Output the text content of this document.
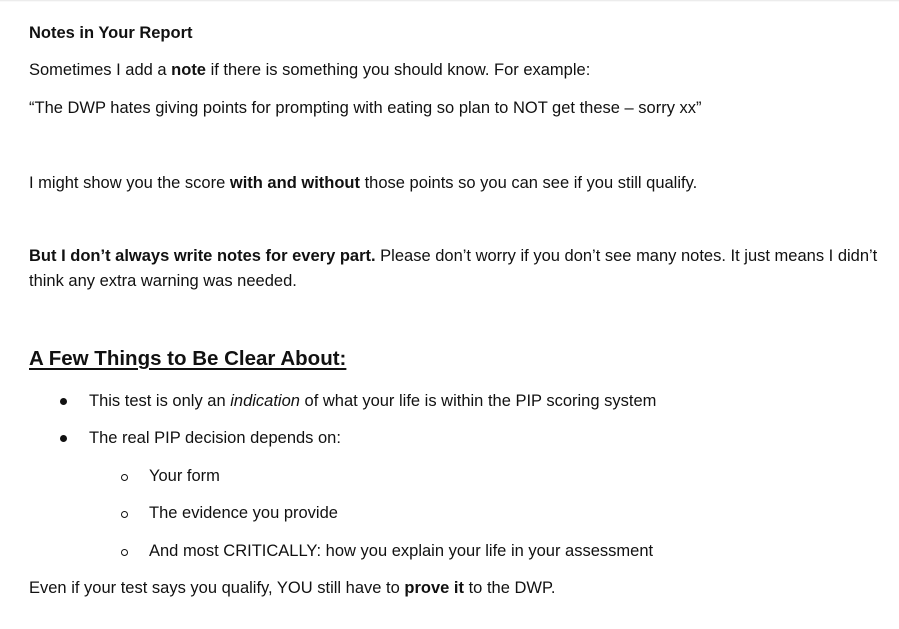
Notes in Your Report
Sometimes I add a note if there is something you should know. For example:
“The DWP hates giving points for prompting with eating so plan to NOT get these – sorry xx”
I might show you the score with and without those points so you can see if you still qualify.
But I don’t always write notes for every part. Please don’t worry if you don’t see many notes. It just means I didn’t think any extra warning was needed.
A Few Things to Be Clear About:
This test is only an indication of what your life is within the PIP scoring system
The real PIP decision depends on:
Your form
The evidence you provide
And most CRITICALLY: how you explain your life in your assessment
Even if your test says you qualify, YOU still have to prove it to the DWP.
